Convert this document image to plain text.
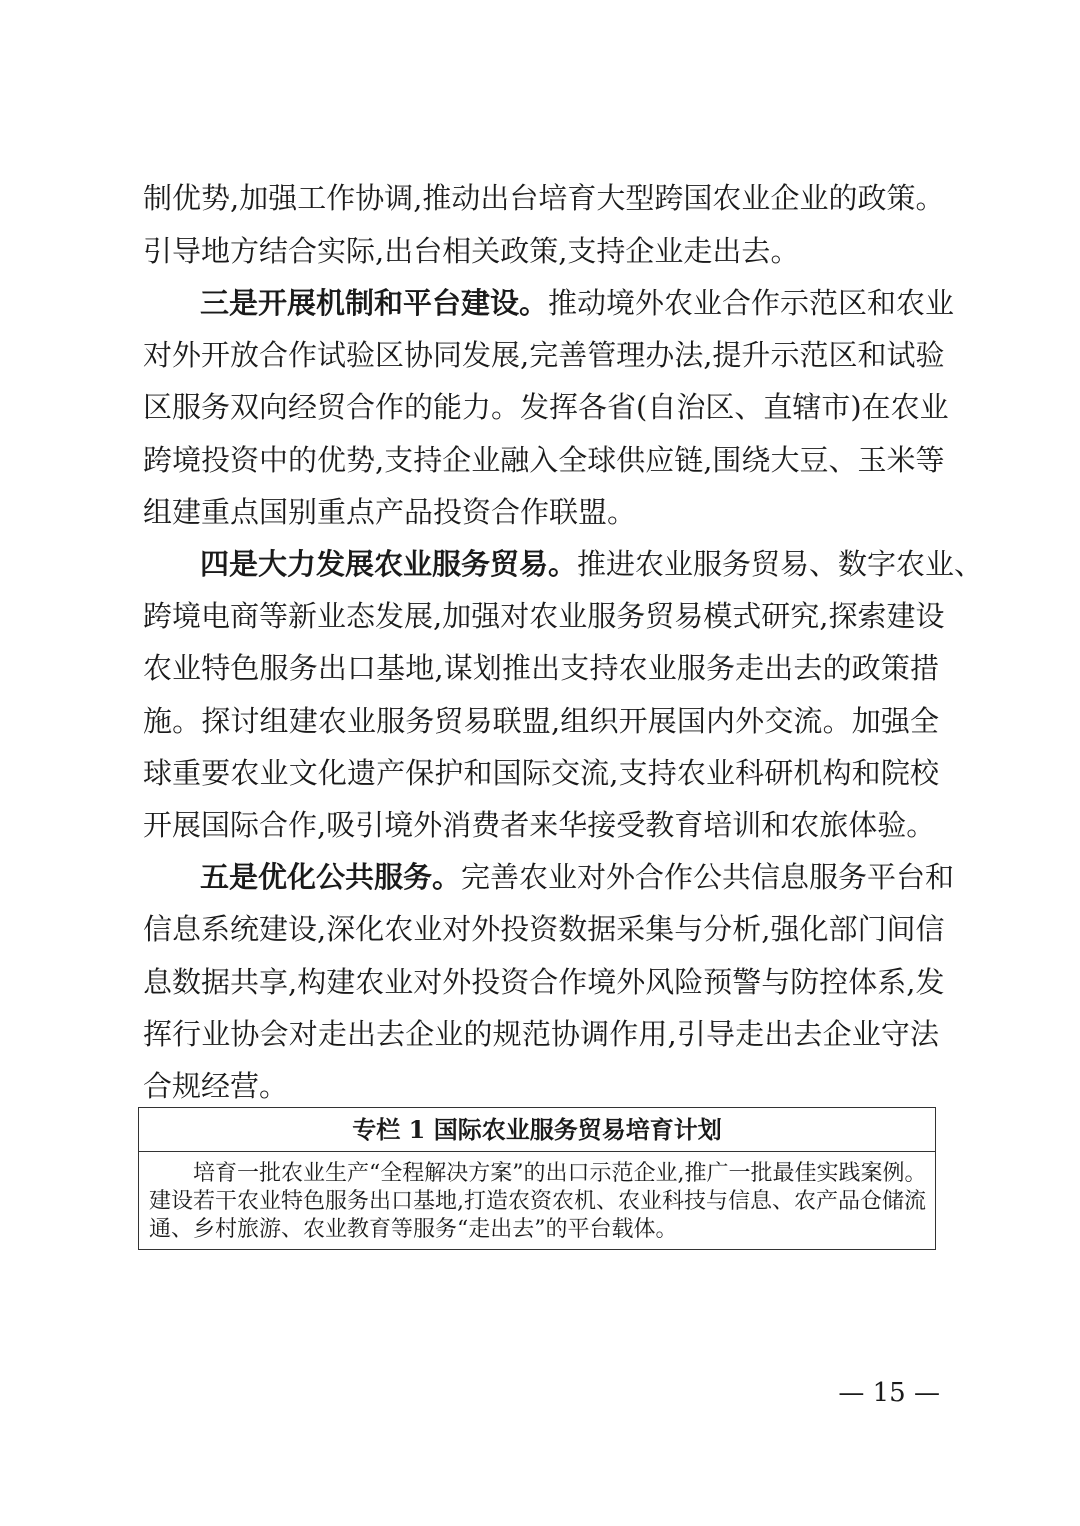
制优势,加强工作协调,推动出台培育大型跨国农业企业的政策。
引导地方结合实际,出台相关政策,支持企业走出去。
三是开展机制和平台建设。推动境外农业合作示范区和农业
对外开放合作试验区协同发展,完善管理办法,提升示范区和试验
区服务双向经贸合作的能力。发挥各省(自治区、直辖市)在农业
跨境投资中的优势,支持企业融入全球供应链,围绕大豆、玉米等
组建重点国别重点产品投资合作联盟。
四是大力发展农业服务贸易。推进农业服务贸易、数字农业、
跨境电商等新业态发展,加强对农业服务贸易模式研究,探索建设
农业特色服务出口基地,谋划推出支持农业服务走出去的政策措
施。探讨组建农业服务贸易联盟,组织开展国内外交流。加强全
球重要农业文化遗产保护和国际交流,支持农业科研机构和院校
开展国际合作,吸引境外消费者来华接受教育培训和农旅体验。
五是优化公共服务。完善农业对外合作公共信息服务平台和
信息系统建设,深化农业对外投资数据采集与分析,强化部门间信
息数据共享,构建农业对外投资合作境外风险预警与防控体系,发
挥行业协会对走出去企业的规范协调作用,引导走出去企业守法
合规经营。
专栏 1 国际农业服务贸易培育计划
培育一批农业生产“全程解决方案”的出口示范企业,推广一批最佳实践案例。
建设若干农业特色服务出口基地,打造农资农机、农业科技与信息、农产品仓储流
通、乡村旅游、农业教育等服务“走出去”的平台载体。
— 15 —
